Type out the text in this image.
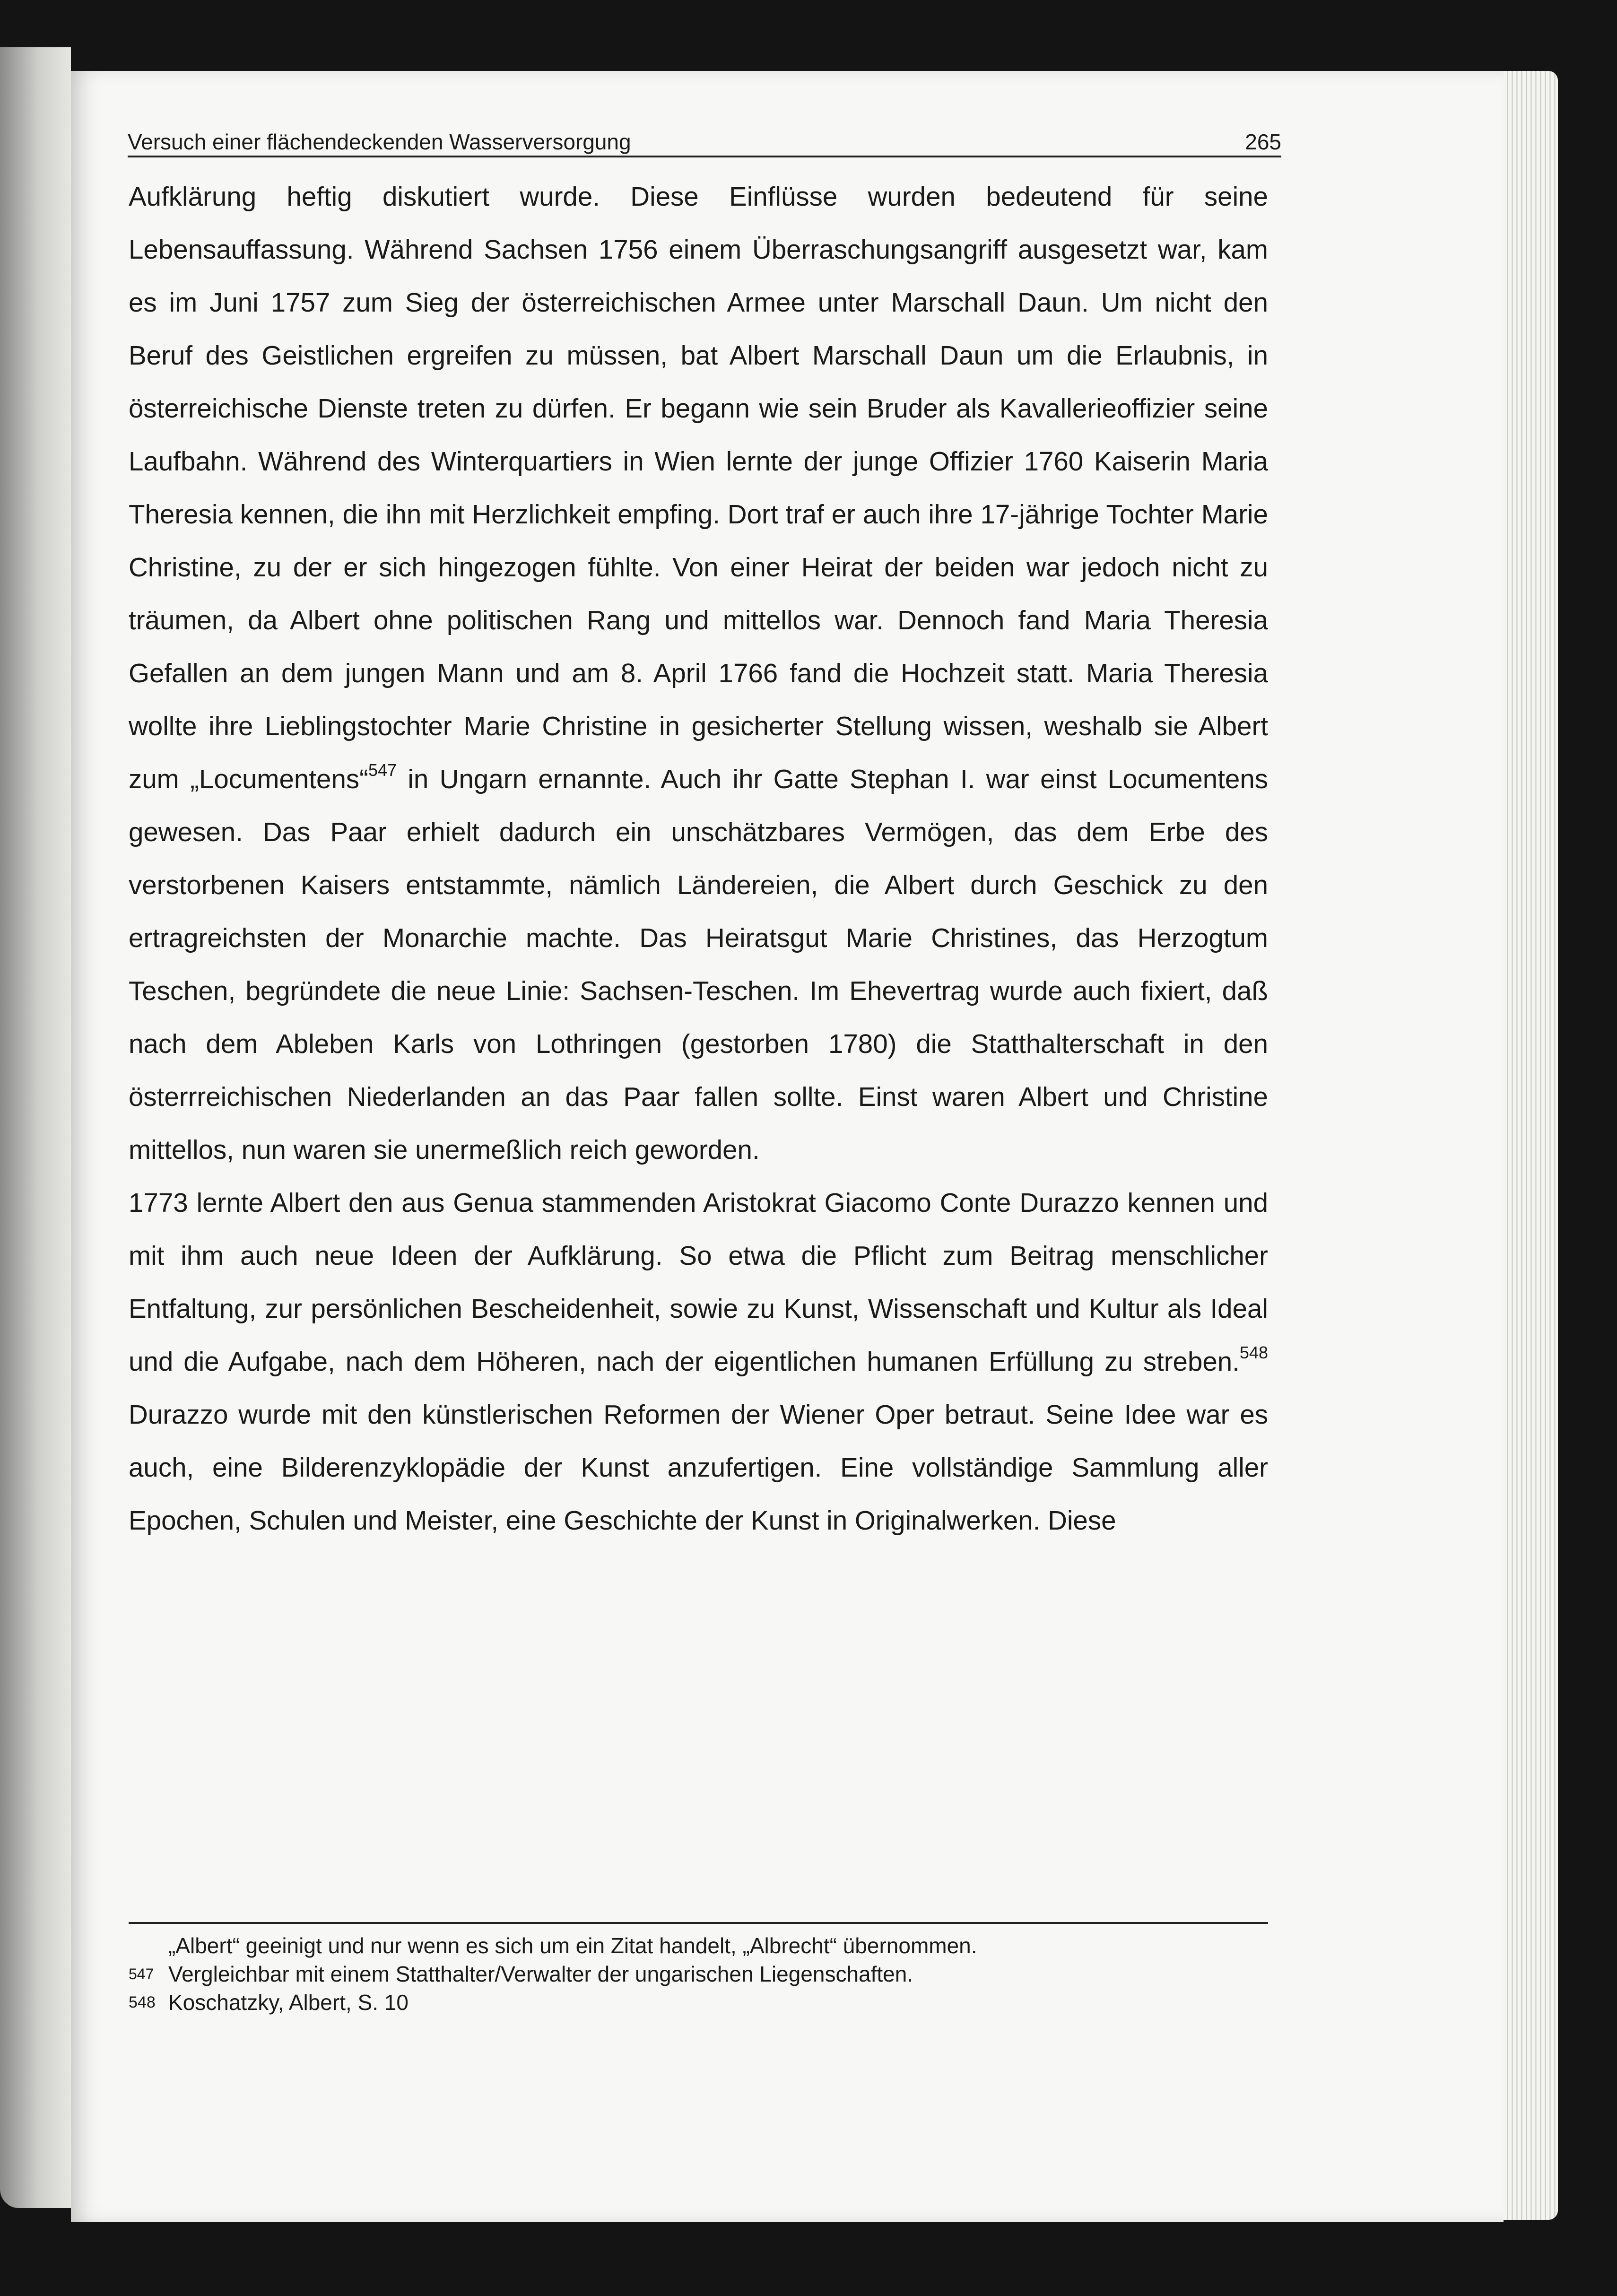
Versuch einer flächendeckenden Wasserversorgung	265

Aufklärung heftig diskutiert wurde. Diese Einflüsse wurden bedeutend für seine Lebensauffassung. Während Sachsen 1756 einem Überraschungsangriff ausgesetzt war, kam es im Juni 1757 zum Sieg der österreichischen Armee unter Marschall Daun. Um nicht den Beruf des Geistlichen ergreifen zu müssen, bat Albert Marschall Daun um die Erlaubnis, in österreichische Dienste treten zu dürfen. Er begann wie sein Bruder als Kavallerieoffizier seine Laufbahn. Während des Winterquartiers in Wien lernte der junge Offizier 1760 Kaiserin Maria Theresia kennen, die ihn mit Herzlichkeit empfing. Dort traf er auch ihre 17-jährige Tochter Marie Christine, zu der er sich hingezogen fühlte. Von einer Heirat der beiden war jedoch nicht zu träumen, da Albert ohne politischen Rang und mittellos war. Dennoch fand Maria Theresia Gefallen an dem jungen Mann und am 8. April 1766 fand die Hochzeit statt. Maria Theresia wollte ihre Lieblingstochter Marie Christine in gesicherter Stellung wissen, weshalb sie Albert zum „Locumentens“$^{547}$ in Ungarn ernannte. Auch ihr Gatte Stephan I. war einst Locumentens gewesen. Das Paar erhielt dadurch ein unschätzbares Vermögen, das dem Erbe des verstorbenen Kaisers entstammte, nämlich Ländereien, die Albert durch Geschick zu den ertragreichsten der Monarchie machte. Das Heiratsgut Marie Christines, das Herzogtum Teschen, begründete die neue Linie: Sachsen-Teschen. Im Ehevertrag wurde auch fixiert, daß nach dem Ableben Karls von Lothringen (gestorben 1780) die Statthalterschaft in den österrreichischen Niederlanden an das Paar fallen sollte. Einst waren Albert und Christine mittellos, nun waren sie unermeßlich reich geworden.

1773 lernte Albert den aus Genua stammenden Aristokrat Giacomo Conte Durazzo kennen und mit ihm auch neue Ideen der Aufklärung. So etwa die Pflicht zum Beitrag menschlicher Entfaltung, zur persönlichen Bescheidenheit, sowie zu Kunst, Wissenschaft und Kultur als Ideal und die Aufgabe, nach dem Höheren, nach der eigentlichen humanen Erfüllung zu streben.$^{548}$ Durazzo wurde mit den künstlerischen Reformen der Wiener Oper betraut. Seine Idee war es auch, eine Bilderenzyklopädie der Kunst anzufertigen. Eine vollständige Sammlung aller Epochen, Schulen und Meister, eine Geschichte der Kunst in Originalwerken. Diese

„Albert“ geeinigt und nur wenn es sich um ein Zitat handelt, „Albrecht“ übernommen.
547 Vergleichbar mit einem Statthalter/Verwalter der ungarischen Liegenschaften.
548 Koschatzky, Albert, S. 10
